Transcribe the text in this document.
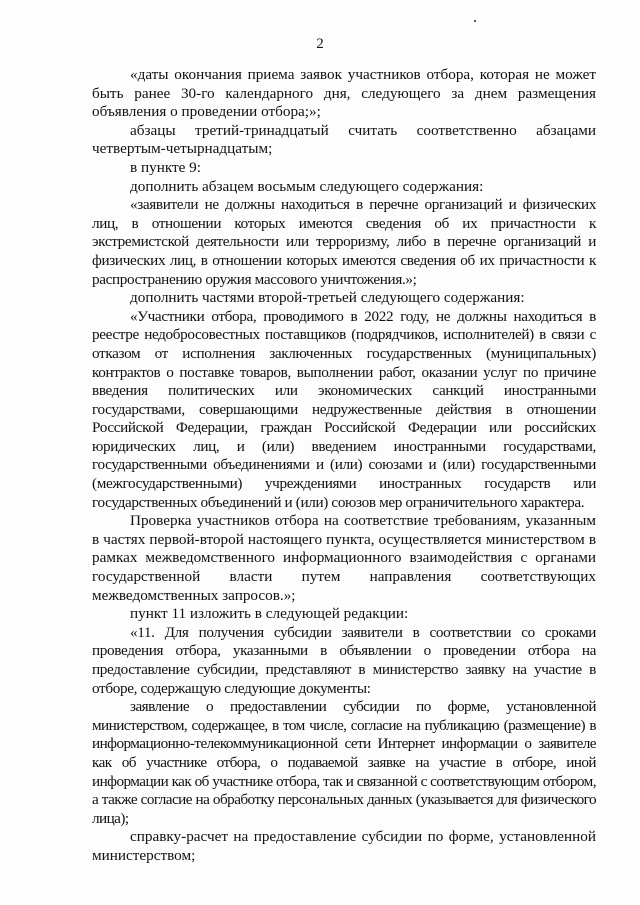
2

«даты окончания приема заявок участников отбора, которая не может быть ранее 30-го календарного дня, следующего за днем размещения объявления о проведении отбора;»;

абзацы третий-тринадцатый считать соответственно абзацами четвертым-четырнадцатым;

в пункте 9:

дополнить абзацем восьмым следующего содержания:

«заявители не должны находиться в перечне организаций и физических лиц, в отношении которых имеются сведения об их причастности к экстремистской деятельности или терроризму, либо в перечне организаций и физических лиц, в отношении которых имеются сведения об их причастности к распространению оружия массового уничтожения.»;

дополнить частями второй-третьей следующего содержания:

«Участники отбора, проводимого в 2022 году, не должны находиться в реестре недобросовестных поставщиков (подрядчиков, исполнителей) в связи с отказом от исполнения заключенных государственных (муниципальных) контрактов о поставке товаров, выполнении работ, оказании услуг по причине введения политических или экономических санкций иностранными государствами, совершающими недружественные действия в отношении Российской Федерации, граждан Российской Федерации или российских юридических лиц, и (или) введением иностранными государствами, государственными объединениями и (или) союзами и (или) государственными (межгосударственными) учреждениями иностранных государств или государственных объединений и (или) союзов мер ограничительного характера.

Проверка участников отбора на соответствие требованиям, указанным в частях первой-второй настоящего пункта, осуществляется министерством в рамках межведомственного информационного взаимодействия с органами государственной власти путем направления соответствующих межведомственных запросов.»;

пункт 11 изложить в следующей редакции:

«11. Для получения субсидии заявители в соответствии со сроками проведения отбора, указанными в объявлении о проведении отбора на предоставление субсидии, представляют в министерство заявку на участие в отборе, содержащую следующие документы:

заявление о предоставлении субсидии по форме, установленной министерством, содержащее, в том числе, согласие на публикацию (размещение) в информационно-телекоммуникационной сети Интернет информации о заявителе как об участнике отбора, о подаваемой заявке на участие в отборе, иной информации как об участнике отбора, так и связанной с соответствующим отбором, а также согласие на обработку персональных данных (указывается для физического лица);

справку-расчет на предоставление субсидии по форме, установленной министерством;
